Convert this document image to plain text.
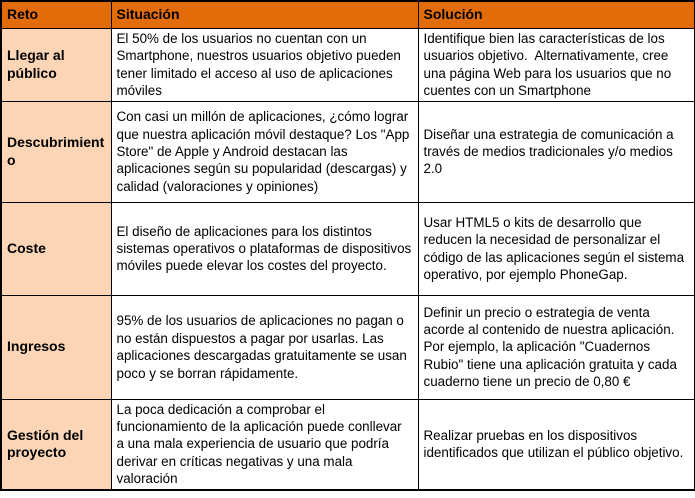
Reto	Situación	Solución
Llegar al público	El 50% de los usuarios no cuentan con un Smartphone, nuestros usuarios objetivo pueden tener limitado el acceso al uso de aplicaciones móviles	Identifique bien las características de los usuarios objetivo.  Alternativamente, cree una página Web para los usuarios que no cuentes con un Smartphone
Descubrimiento	Con casi un millón de aplicaciones, ¿cómo lograr que nuestra aplicación móvil destaque? Los "App Store" de Apple y Android destacan las aplicaciones según su popularidad (descargas) y calidad (valoraciones y opiniones)	Diseñar una estrategia de comunicación a través de medios tradicionales y/o medios 2.0
Coste	El diseño de aplicaciones para los distintos sistemas operativos o plataformas de dispositivos móviles puede elevar los costes del proyecto.	Usar HTML5 o kits de desarrollo que reducen la necesidad de personalizar el código de las aplicaciones según el sistema operativo, por ejemplo PhoneGap.
Ingresos	95% de los usuarios de aplicaciones no pagan o no están dispuestos a pagar por usarlas. Las aplicaciones descargadas gratuitamente se usan poco y se borran rápidamente.	Definir un precio o estrategia de venta acorde al contenido de nuestra aplicación. Por ejemplo, la aplicación "Cuadernos Rubio" tiene una aplicación gratuita y cada cuaderno tiene un precio de 0,80 €
Gestión del proyecto	La poca dedicación a comprobar el funcionamiento de la aplicación puede conllevar a una mala experiencia de usuario que podría derivar en críticas negativas y una mala valoración	Realizar pruebas en los dispositivos identificados que utilizan el público objetivo.
